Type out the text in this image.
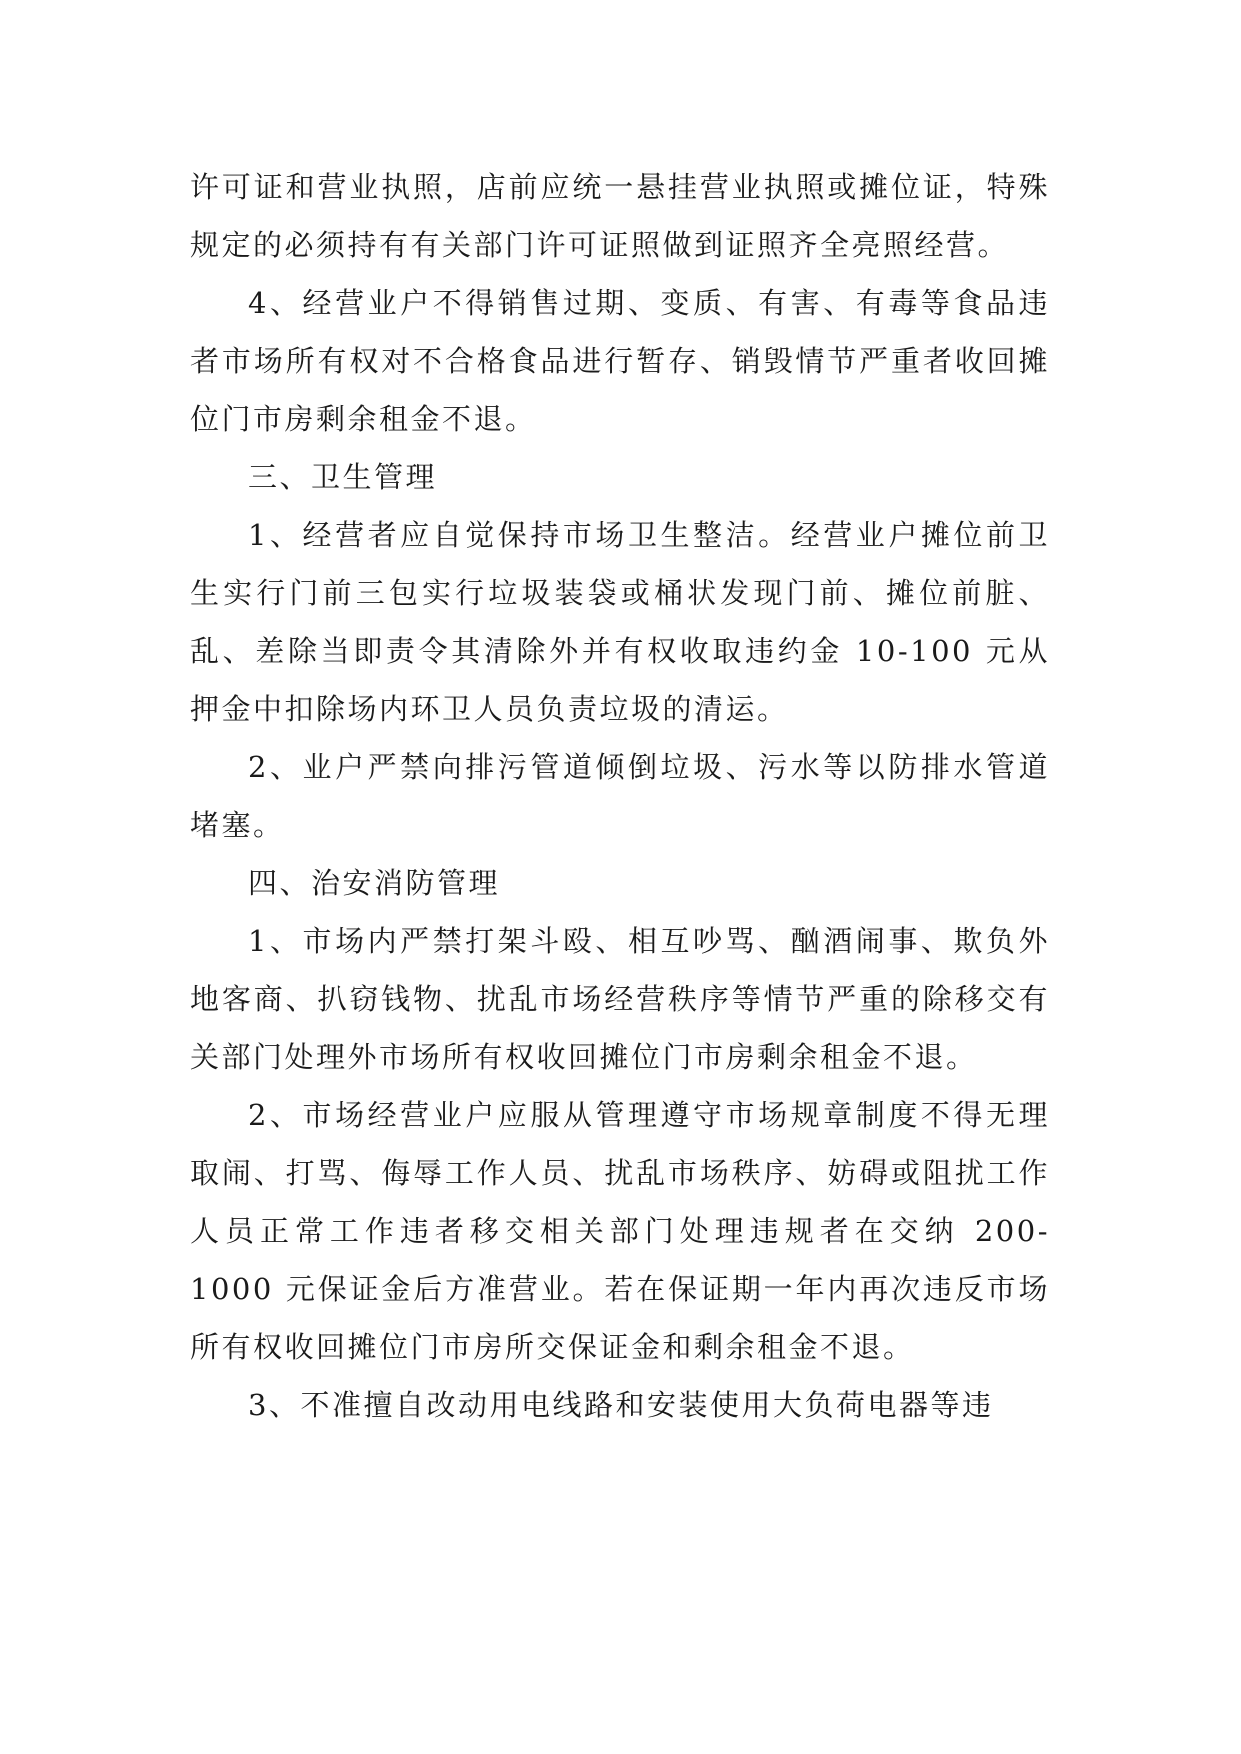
许可证和营业执照，店前应统一悬挂营业执照或摊位证，特殊规定的必须持有有关部门许可证照做到证照齐全亮照经营。

4、经营业户不得销售过期、变质、有害、有毒等食品违者市场所有权对不合格食品进行暂存、销毁情节严重者收回摊位门市房剩余租金不退。

三、卫生管理

1、经营者应自觉保持市场卫生整洁。经营业户摊位前卫生实行门前三包实行垃圾装袋或桶状发现门前、摊位前脏、乱、差除当即责令其清除外并有权收取违约金 10-100 元从押金中扣除场内环卫人员负责垃圾的清运。

2、业户严禁向排污管道倾倒垃圾、污水等以防排水管道堵塞。

四、治安消防管理

1、市场内严禁打架斗殴、相互吵骂、酗酒闹事、欺负外地客商、扒窃钱物、扰乱市场经营秩序等情节严重的除移交有关部门处理外市场所有权收回摊位门市房剩余租金不退。

2、市场经营业户应服从管理遵守市场规章制度不得无理取闹、打骂、侮辱工作人员、扰乱市场秩序、妨碍或阻扰工作人员正常工作违者移交相关部门处理违规者在交纳 200-1000 元保证金后方准营业。若在保证期一年内再次违反市场所有权收回摊位门市房所交保证金和剩余租金不退。

3、不准擅自改动用电线路和安装使用大负荷电器等违
